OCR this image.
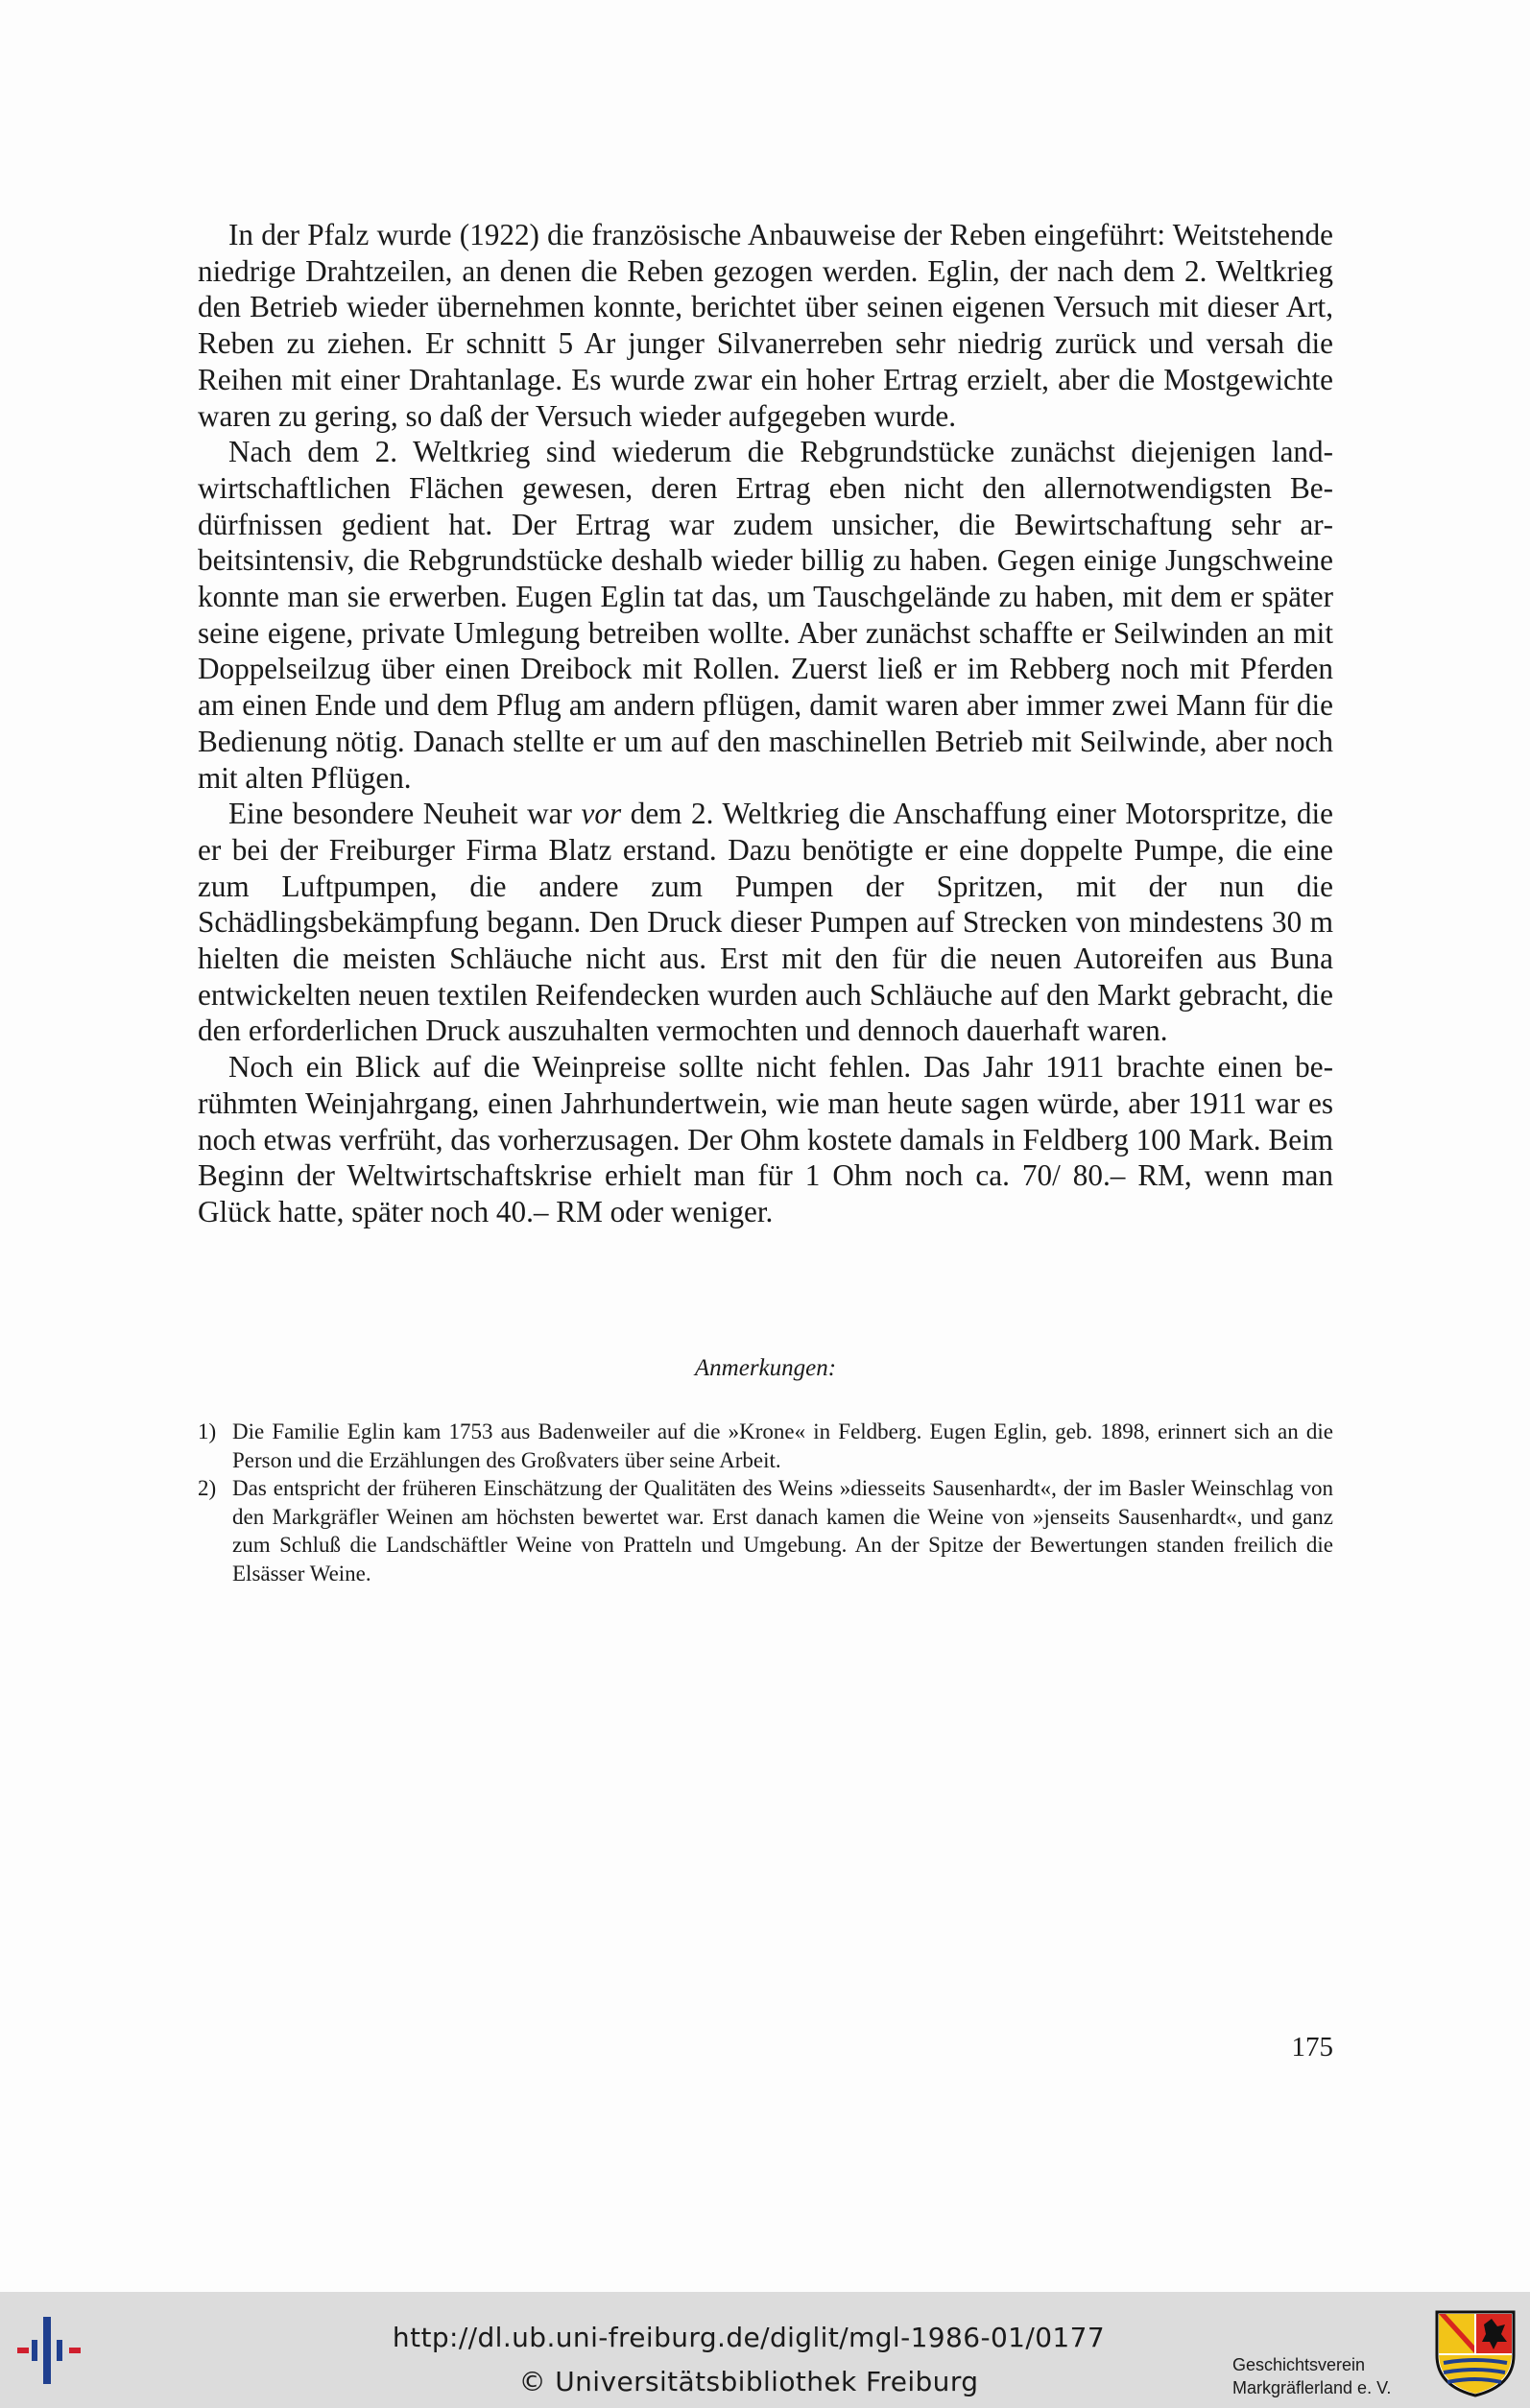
In der Pfalz wurde (1922) die französische Anbauweise der Reben eingeführt: Weitstehende niedrige Drahtzeilen, an denen die Reben gezogen werden. Eglin, der nach dem 2. Weltkrieg den Betrieb wieder übernehmen konnte, berichtet über seinen eigenen Versuch mit dieser Art, Reben zu ziehen. Er schnitt 5 Ar junger Silvanerreben sehr niedrig zurück und versah die Reihen mit einer Drahtanlage. Es wurde zwar ein hoher Ertrag erzielt, aber die Mostgewichte waren zu gering, so daß der Versuch wieder aufgegeben wurde.

Nach dem 2. Weltkrieg sind wiederum die Rebgrundstücke zunächst diejenigen landwirtschaftlichen Flächen gewesen, deren Ertrag eben nicht den allernotwendigsten Bedürfnissen gedient hat. Der Ertrag war zudem unsicher, die Bewirtschaftung sehr arbeitsintensiv, die Rebgrundstücke deshalb wieder billig zu haben. Gegen einige Jungschweine konnte man sie erwerben. Eugen Eglin tat das, um Tauschgelände zu haben, mit dem er später seine eigene, private Umlegung betreiben wollte. Aber zunächst schaffte er Seilwinden an mit Doppelseilzug über einen Dreibock mit Rollen. Zuerst ließ er im Rebberg noch mit Pferden am einen Ende und dem Pflug am andern pflügen, damit waren aber immer zwei Mann für die Bedienung nötig. Danach stellte er um auf den maschinellen Betrieb mit Seilwinde, aber noch mit alten Pflügen.

Eine besondere Neuheit war vor dem 2. Weltkrieg die Anschaffung einer Motorspritze, die er bei der Freiburger Firma Blatz erstand. Dazu benötigte er eine doppelte Pumpe, die eine zum Luftpumpen, die andere zum Pumpen der Spritzen, mit der nun die Schädlingsbekämpfung begann. Den Druck dieser Pumpen auf Strecken von mindestens 30 m hielten die meisten Schläuche nicht aus. Erst mit den für die neuen Autoreifen aus Buna entwickelten neuen textilen Reifendecken wurden auch Schläuche auf den Markt gebracht, die den erforderlichen Druck auszuhalten vermochten und dennoch dauerhaft waren.

Noch ein Blick auf die Weinpreise sollte nicht fehlen. Das Jahr 1911 brachte einen berühmten Weinjahrgang, einen Jahrhundertwein, wie man heute sagen würde, aber 1911 war es noch etwas verfrüht, das vorherzusagen. Der Ohm kostete damals in Feldberg 100 Mark. Beim Beginn der Weltwirtschaftskrise erhielt man für 1 Ohm noch ca. 70/ 80.– RM, wenn man Glück hatte, später noch 40.– RM oder weniger.

Anmerkungen:
1) Die Familie Eglin kam 1753 aus Badenweiler auf die »Krone« in Feldberg. Eugen Eglin, geb. 1898, erinnert sich an die Person und die Erzählungen des Großvaters über seine Arbeit.
2) Das entspricht der früheren Einschätzung der Qualitäten des Weins »diesseits Sausenhardt«, der im Basler Weinschlag von den Markgräfler Weinen am höchsten bewertet war. Erst danach kamen die Weine von »jenseits Sausenhardt«, und ganz zum Schluß die Landschäftler Weine von Pratteln und Umgebung. An der Spitze der Bewertungen standen freilich die Elsässer Weine.
175
http://dl.ub.uni-freiburg.de/diglit/mgl-1986-01/0177
© Universitätsbibliothek Freiburg
Geschichtsverein
Markgräflerland e. V.
